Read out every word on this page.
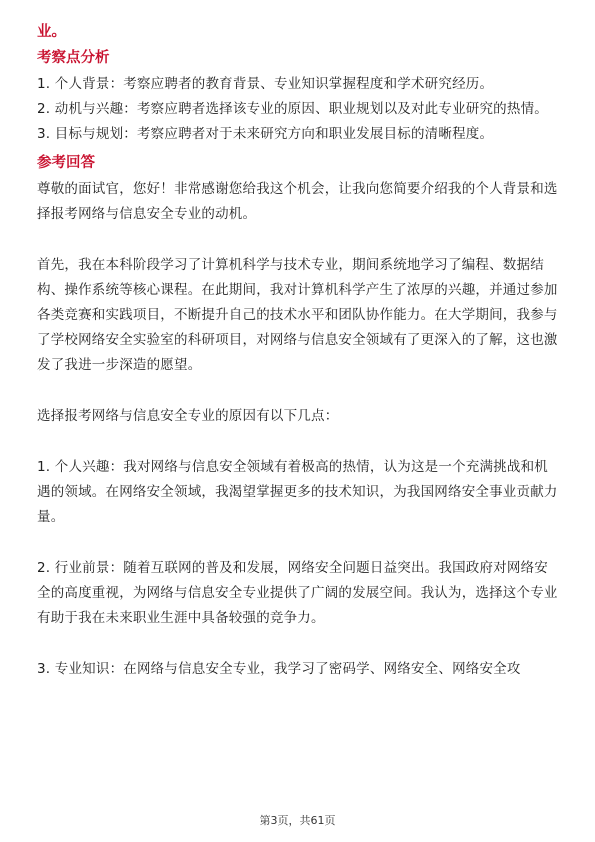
业。
考察点分析

1. 个人背景：考察应聘者的教育背景、专业知识掌握程度和学术研究经历。

2. 动机与兴趣：考察应聘者选择该专业的原因、职业规划以及对此专业研究的热情。

3. 目标与规划：考察应聘者对于未来研究方向和职业发展目标的清晰程度。

参考回答

尊敬的面试官，您好！非常感谢您给我这个机会，让我向您简要介绍我的个人背景和选择报考网络与信息安全专业的动机。

首先，我在本科阶段学习了计算机科学与技术专业，期间系统地学习了编程、数据结构、操作系统等核心课程。在此期间，我对计算机科学产生了浓厚的兴趣，并通过参加各类竞赛和实践项目，不断提升自己的技术水平和团队协作能力。在大学期间，我参与了学校网络安全实验室的科研项目，对网络与信息安全领域有了更深入的了解，这也激发了我进一步深造的愿望。

选择报考网络与信息安全专业的原因有以下几点：

1. 个人兴趣：我对网络与信息安全领域有着极高的热情，认为这是一个充满挑战和机遇的领域。在网络安全领域，我渴望掌握更多的技术知识，为我国网络安全事业贡献力量。

2. 行业前景：随着互联网的普及和发展，网络安全问题日益突出。我国政府对网络安全的高度重视，为网络与信息安全专业提供了广阔的发展空间。我认为，选择这个专业有助于我在未来职业生涯中具备较强的竞争力。

3. 专业知识：在网络与信息安全专业，我学习了密码学、网络安全、网络安全攻

第3页，共61页
